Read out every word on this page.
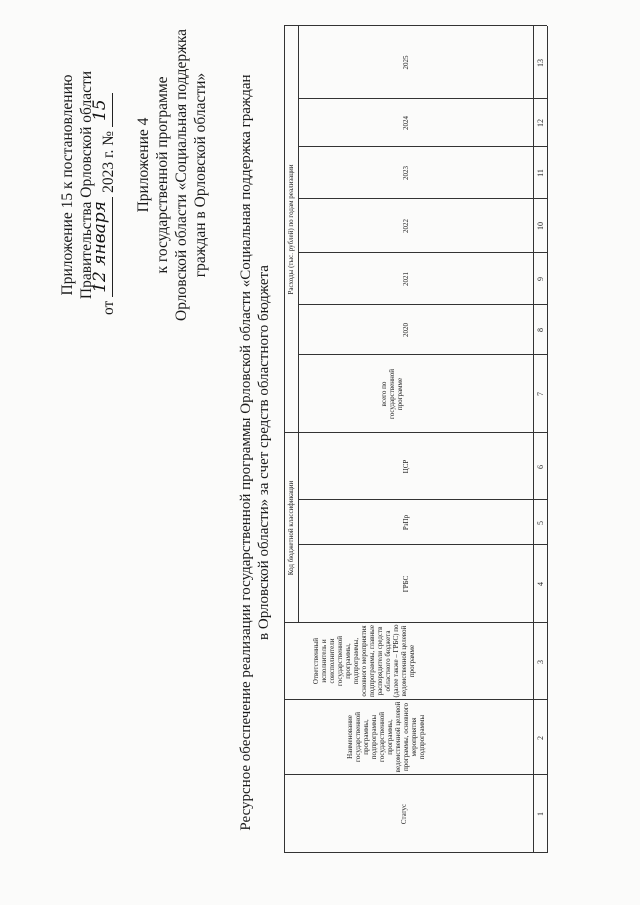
Приложение 15 к постановлению Правительства Орловской области
от
12 января
2023 г. №
15
Приложение 4 к государственной программе Орловской области «Социальная поддержка граждан в Орловской области» Ресурсное обеспечение реализации государственной программы Орловской области «Социальная поддержка граждан в Орловской области» за счет средств областного бюджета Код бюджетной классификации
Расходы (тыс. рублей) по годам реализации
Статус
Наименование государственной программы, подпрограммы государственной программы, ведомственной целевой программы, основного мероприятия подпрограммы
Ответственный исполнитель и соисполнители государственной программы, подпрограммы, основного мероприятия подпрограммы, главные распорядители средств областного бюджета (далее также – ГРБС) по ведомственной целевой программе
ГРБС
РзПр
ЦСР
всего по государственной программе
2020
2021
2022
2023
2024
2025
1
2
3
4
5
6
7
8
9
10
11
12
13
